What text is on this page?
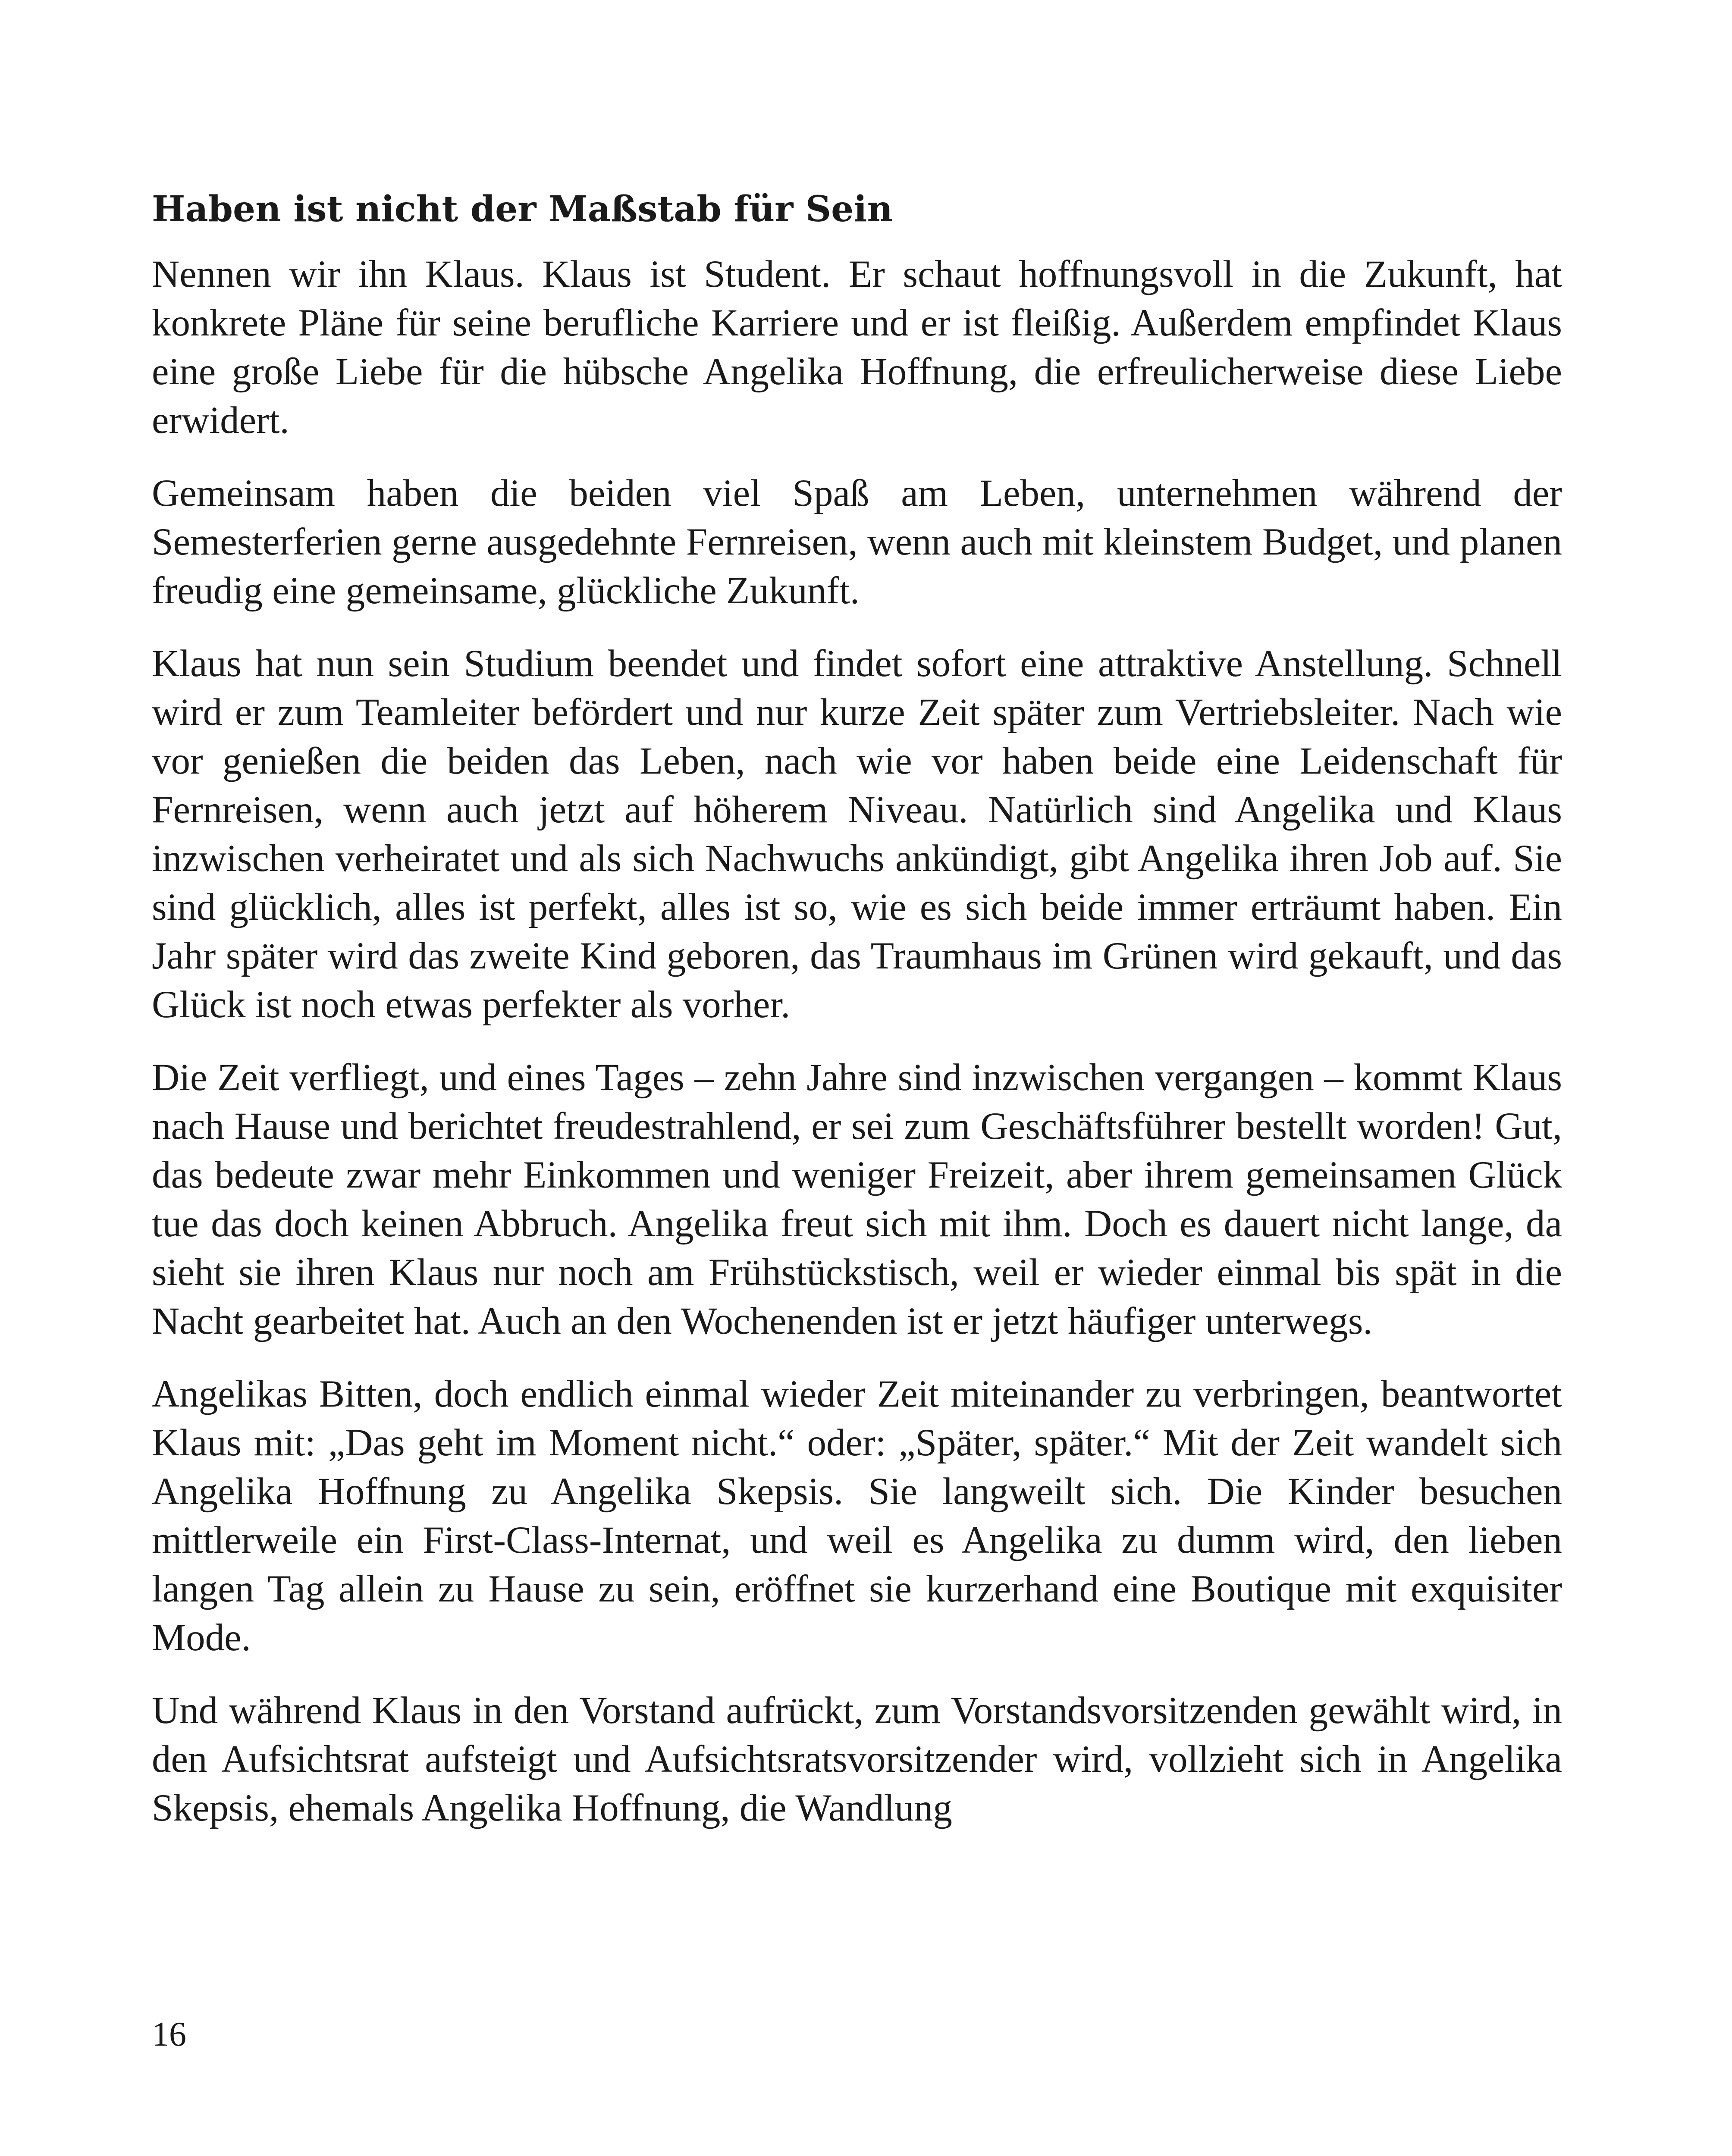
Haben ist nicht der Maßstab für Sein

Nennen wir ihn Klaus. Klaus ist Student. Er schaut hoffnungsvoll in die Zukunft, hat konkrete Pläne für seine berufliche Karriere und er ist fleißig. Außerdem empfindet Klaus eine große Liebe für die hübsche Angelika Hoffnung, die erfreulicherweise diese Liebe erwidert.

Gemeinsam haben die beiden viel Spaß am Leben, unternehmen während der Semesterferien gerne ausgedehnte Fernreisen, wenn auch mit kleinstem Budget, und planen freudig eine gemeinsame, glückliche Zukunft.

Klaus hat nun sein Studium beendet und findet sofort eine attraktive Anstellung. Schnell wird er zum Teamleiter befördert und nur kurze Zeit später zum Vertriebsleiter. Nach wie vor genießen die beiden das Leben, nach wie vor haben beide eine Leidenschaft für Fernreisen, wenn auch jetzt auf höherem Niveau. Natürlich sind Angelika und Klaus inzwischen verheiratet und als sich Nachwuchs ankündigt, gibt Angelika ihren Job auf. Sie sind glücklich, alles ist perfekt, alles ist so, wie es sich beide immer erträumt haben. Ein Jahr später wird das zweite Kind geboren, das Traumhaus im Grünen wird gekauft, und das Glück ist noch etwas perfekter als vorher.

Die Zeit verfliegt, und eines Tages – zehn Jahre sind inzwischen vergangen – kommt Klaus nach Hause und berichtet freudestrahlend, er sei zum Geschäftsführer bestellt worden! Gut, das bedeute zwar mehr Einkommen und weniger Freizeit, aber ihrem gemeinsamen Glück tue das doch keinen Abbruch. Angelika freut sich mit ihm. Doch es dauert nicht lange, da sieht sie ihren Klaus nur noch am Frühstückstisch, weil er wieder einmal bis spät in die Nacht gearbeitet hat. Auch an den Wochenenden ist er jetzt häufiger unterwegs.

Angelikas Bitten, doch endlich einmal wieder Zeit miteinander zu verbringen, beantwortet Klaus mit: „Das geht im Moment nicht.“ oder: „Später, später.“ Mit der Zeit wandelt sich Angelika Hoffnung zu Angelika Skepsis. Sie langweilt sich. Die Kinder besuchen mittlerweile ein First-Class-Internat, und weil es Angelika zu dumm wird, den lieben langen Tag allein zu Hause zu sein, eröffnet sie kurzerhand eine Boutique mit exquisiter Mode.

Und während Klaus in den Vorstand aufrückt, zum Vorstandsvorsitzenden gewählt wird, in den Aufsichtsrat aufsteigt und Aufsichtsratsvorsitzender wird, vollzieht sich in Angelika Skepsis, ehemals Angelika Hoffnung, die Wandlung

16
